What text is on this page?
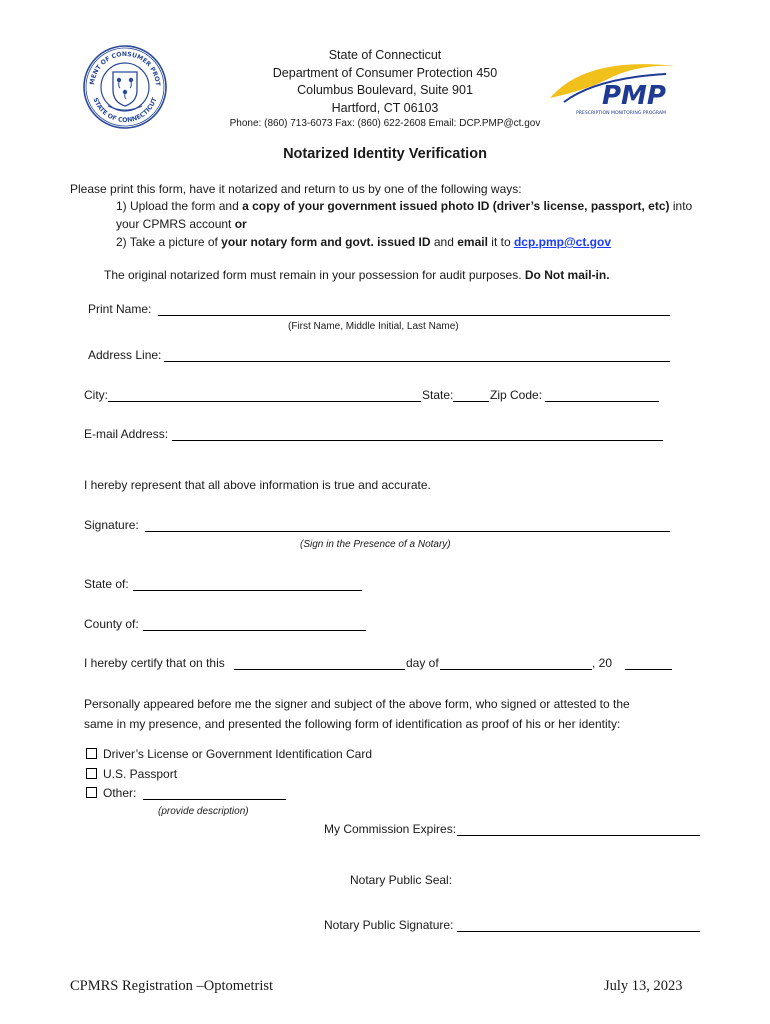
MENT OF CONSUMER PROT
STATE OF CONNECTICUT
State of Connecticut
Department of Consumer Protection 450
Columbus Boulevard, Suite 901
Hartford, CT 06103
Phone: (860) 713-6073 Fax: (860) 622-2608 Email: DCP.PMP@ct.gov
PMP
PRESCRIPTION MONITORING PROGRAM
Notarized Identity Verification
Please print this form, have it notarized and return to us by one of the following ways:
1) Upload the form and a copy of your government issued photo ID (driver’s license, passport, etc) into
your CPMRS account or
2) Take a picture of your notary form and govt. issued ID and email it to dcp.pmp@ct.gov
The original notarized form must remain in your possession for audit purposes. Do Not mail-in.
Print Name:
(First Name, Middle Initial, Last Name)
Address Line:
City:	State:	Zip Code:
E-mail Address:
I hereby represent that all above information is true and accurate.
Signature:
(Sign in the Presence of a Notary)
State of:
County of:
I hereby certify that on this	day of	, 20
Personally appeared before me the signer and subject of the above form, who signed or attested to the
same in my presence, and presented the following form of identification as proof of his or her identity:
Driver’s License or Government Identification Card
U.S. Passport
Other:
(provide description)
My Commission Expires:
Notary Public Seal:
Notary Public Signature:
CPMRS Registration –Optometrist	July 13, 2023
